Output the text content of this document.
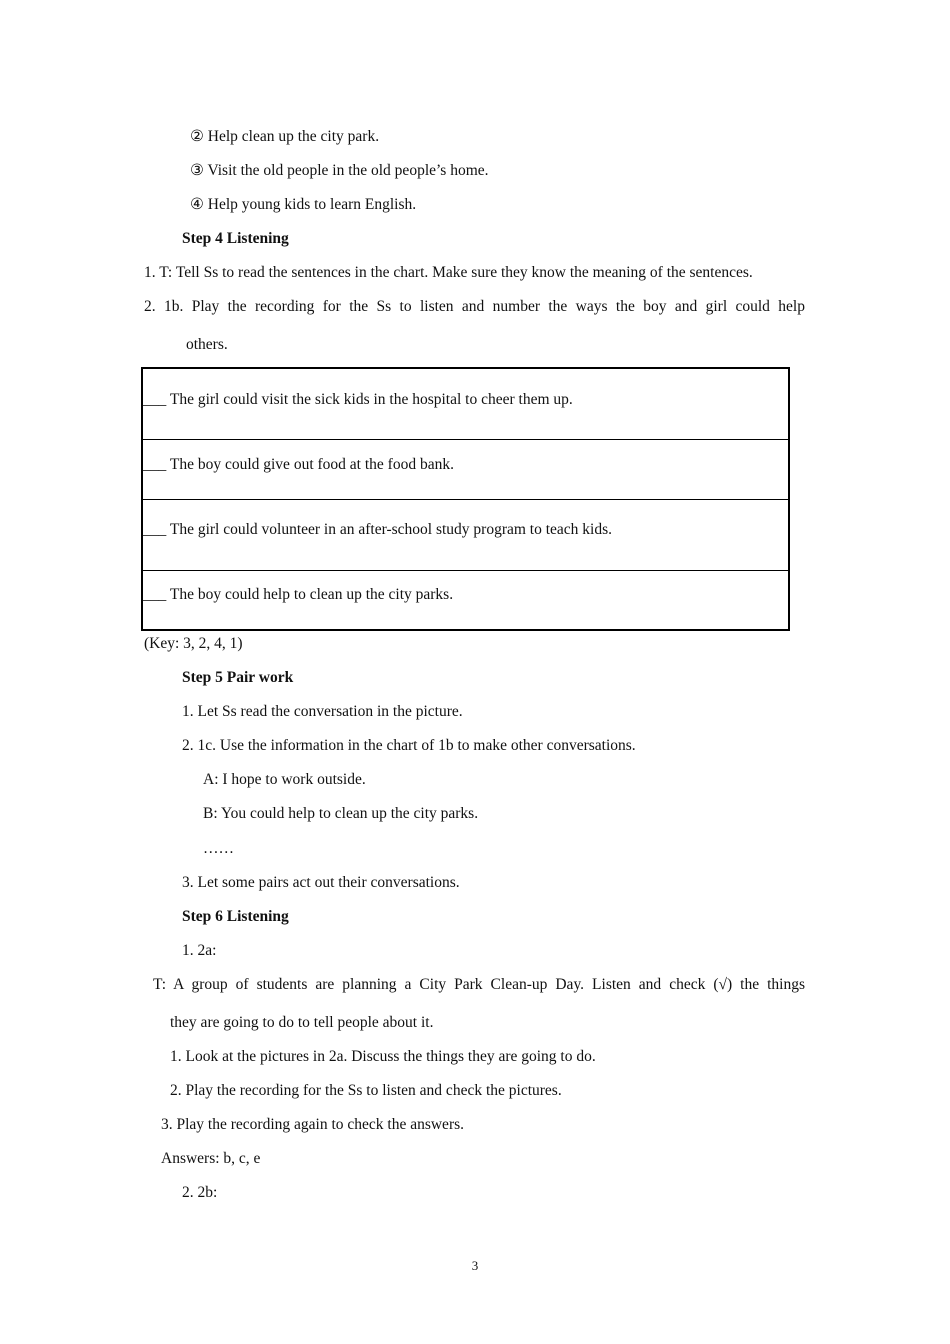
② Help clean up the city park.
③ Visit the old people in the old people’s home.
④ Help young kids to learn English.
Step 4 Listening
1. T: Tell Ss to read the sentences in the chart. Make sure they know the meaning of the sentences.
2. 1b. Play the recording for the Ss to listen and number the ways the boy and girl could help
others.
___ The girl could visit the sick kids in the hospital to cheer them up.
___ The boy could give out food at the food bank.
___ The girl could volunteer in an after-school study program to teach kids.
___ The boy could help to clean up the city parks.
(Key: 3, 2, 4, 1)
Step 5 Pair work
1. Let Ss read the conversation in the picture.
2. 1c. Use the information in the chart of 1b to make other conversations.
A: I hope to work outside.
B: You could help to clean up the city parks.
……
3. Let some pairs act out their conversations.
Step 6 Listening
1. 2a:
T: A group of students are planning a City Park Clean-up Day. Listen and check (√) the things
they are going to do to tell people about it.
1. Look at the pictures in 2a. Discuss the things they are going to do.
2. Play the recording for the Ss to listen and check the pictures.
3. Play the recording again to check the answers.
Answers: b, c, e
2. 2b:
3
